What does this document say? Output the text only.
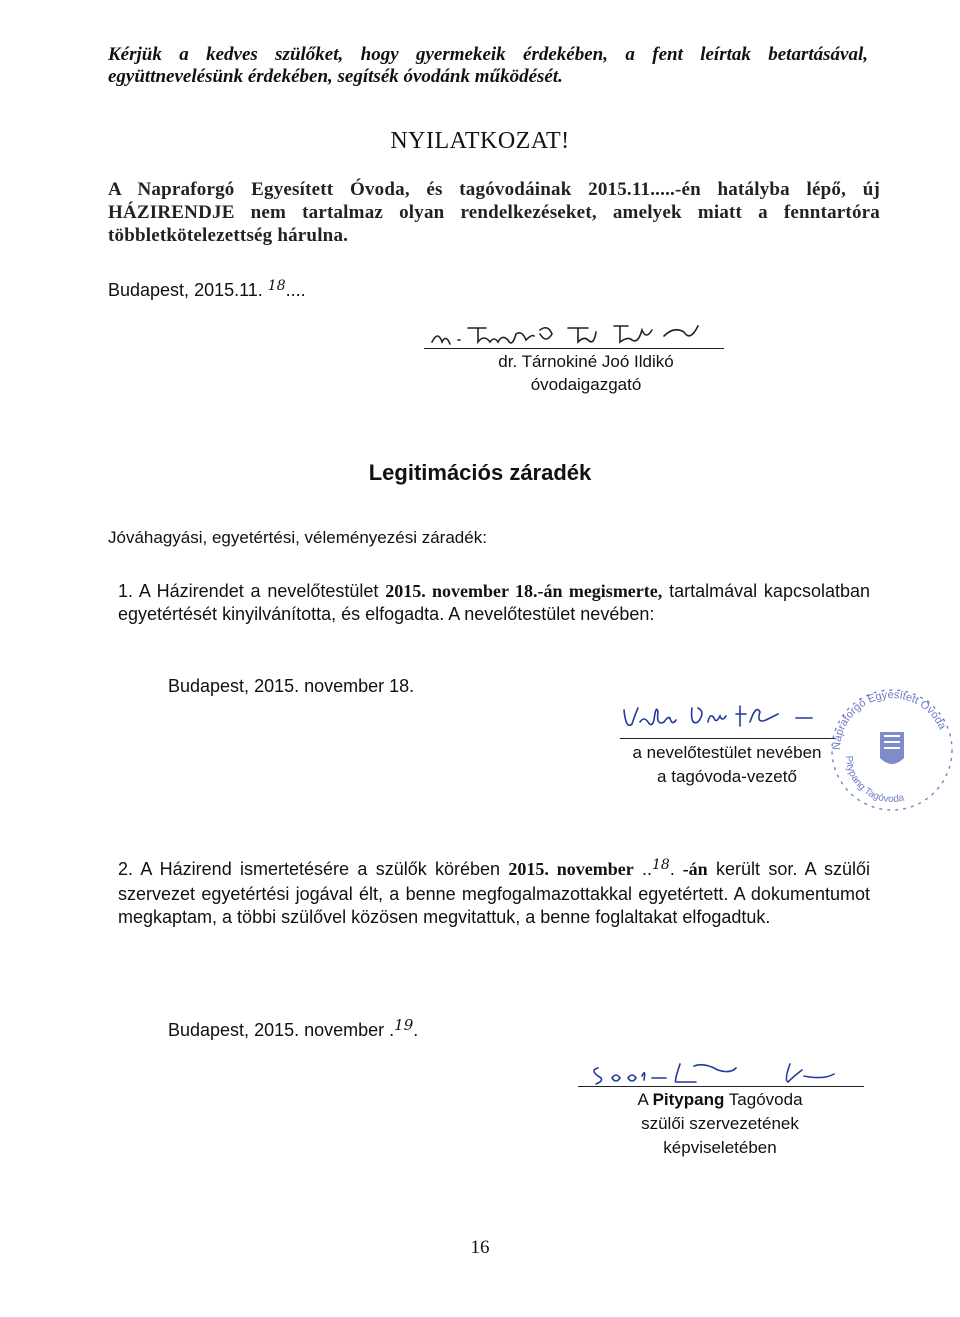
Kérjük a kedves szülőket, hogy gyermekeik érdekében, a fent leírtak betartásával, együttnevelésünk érdekében, segítsék óvodánk működését.
NYILATKOZAT!
A Napraforgó Egyesített Óvoda, és tagóvodáinak 2015.11.....-én hatályba lépő, új HÁZIRENDJE nem tartalmaz olyan rendelkezéseket, amelyek miatt a fenntartóra többletkötelezettség hárulna.
Budapest, 2015.11. $^{18}$....
dr. Tárnokiné Joó Ildikó
óvodaigazgató
Legitimációs záradék
Jóváhagyási, egyetértési, véleményezési záradék:
1. A Házirendet a nevelőtestület 2015. november 18.-án megismerte, tartalmával kapcsolatban egyetértését kinyilvánította, és elfogadta. A nevelőtestület nevében:
Budapest, 2015. november 18.
a nevelőtestület nevében
a tagóvoda-vezető
Napraforgó Egyesített Óvoda
Pitypang Tagóvoda
2. A Házirend ismertetésére a szülők körében 2015. november ..$^{18}$. -án került sor. A szülői szervezet egyetértési jogával élt, a benne megfogalmazottakkal egyetértett. A dokumentumot megkaptam, a többi szülővel közösen megvitattuk, a benne foglaltakat elfogadtuk.
Budapest, 2015. november .$^{19}$.
A Pitypang Tagóvoda
szülői szervezetének
képviseletében
16
